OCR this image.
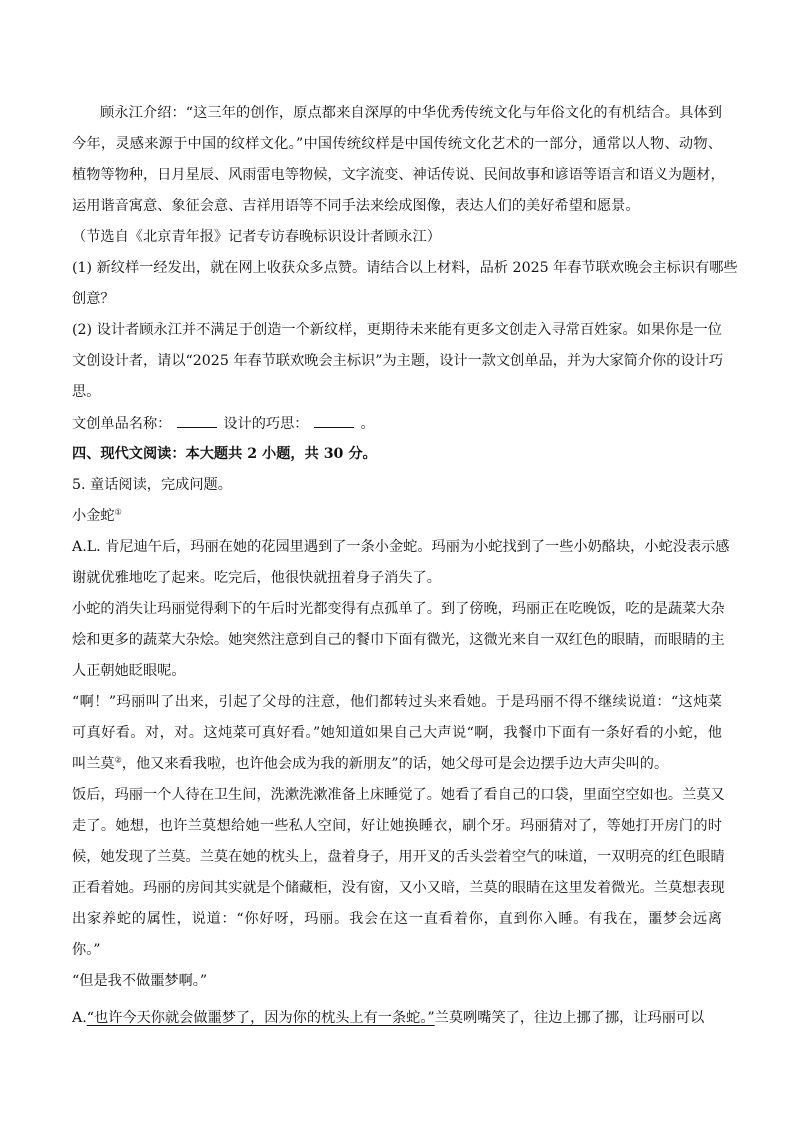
顾永江介绍：“这三年的创作，原点都来自深厚的中华优秀传统文化与年俗文化的有机结合。具体到
今年，灵感来源于中国的纹样文化。”中国传统纹样是中国传统文化艺术的一部分，通常以人物、动物、
植物等物种，日月星辰、风雨雷电等物候，文字流变、神话传说、民间故事和谚语等语言和语义为题材，
运用谐音寓意、象征会意、吉祥用语等不同手法来绘成图像，表达人们的美好希望和愿景。
（节选自《北京青年报》记者专访春晚标识设计者顾永江）
(1) 新纹样一经发出，就在网上收获众多点赞。请结合以上材料，品析 2025 年春节联欢晚会主标识有哪些
创意？
(2) 设计者顾永江并不满足于创造一个新纹样，更期待未来能有更多文创走入寻常百姓家。如果你是一位
文创设计者，请以“2025 年春节联欢晚会主标识”为主题，设计一款文创单品，并为大家简介你的设计巧
思。
文创单品名称：	设计的巧思：	。
四、现代文阅读：本大题共 2 小题，共 30 分。
5. 童话阅读，完成问题。
小金蛇①
A.L. 肯尼迪午后，玛丽在她的花园里遇到了一条小金蛇。玛丽为小蛇找到了一些小奶酪块，小蛇没表示感
谢就优雅地吃了起来。吃完后，他很快就扭着身子消失了。
小蛇的消失让玛丽觉得剩下的午后时光都变得有点孤单了。到了傍晚，玛丽正在吃晚饭，吃的是蔬菜大杂
烩和更多的蔬菜大杂烩。她突然注意到自己的餐巾下面有微光，这微光来自一双红色的眼睛，而眼睛的主
人正朝她眨眼呢。
“啊！”玛丽叫了出来，引起了父母的注意，他们都转过头来看她。于是玛丽不得不继续说道：“这炖菜
可真好看。对，对。这炖菜可真好看。”她知道如果自己大声说“啊，我餐巾下面有一条好看的小蛇，他
叫兰莫②，他又来看我啦，也许他会成为我的新朋友”的话，她父母可是会边摆手边大声尖叫的。
饭后，玛丽一个人待在卫生间，洗漱洗漱准备上床睡觉了。她看了看自己的口袋，里面空空如也。兰莫又
走了。她想，也许兰莫想给她一些私人空间，好让她换睡衣，刷个牙。玛丽猜对了，等她打开房门的时
候，她发现了兰莫。兰莫在她的枕头上，盘着身子，用开叉的舌头尝着空气的味道，一双明亮的红色眼睛
正看着她。玛丽的房间其实就是个储藏柜，没有窗，又小又暗，兰莫的眼睛在这里发着微光。兰莫想表现
出家养蛇的属性，说道：“你好呀，玛丽。我会在这一直看着你，直到你入睡。有我在，噩梦会远离
你。”
“但是我不做噩梦啊。”
A.“也许今天你就会做噩梦了，因为你的枕头上有一条蛇。”兰莫咧嘴笑了，往边上挪了挪，让玛丽可以
